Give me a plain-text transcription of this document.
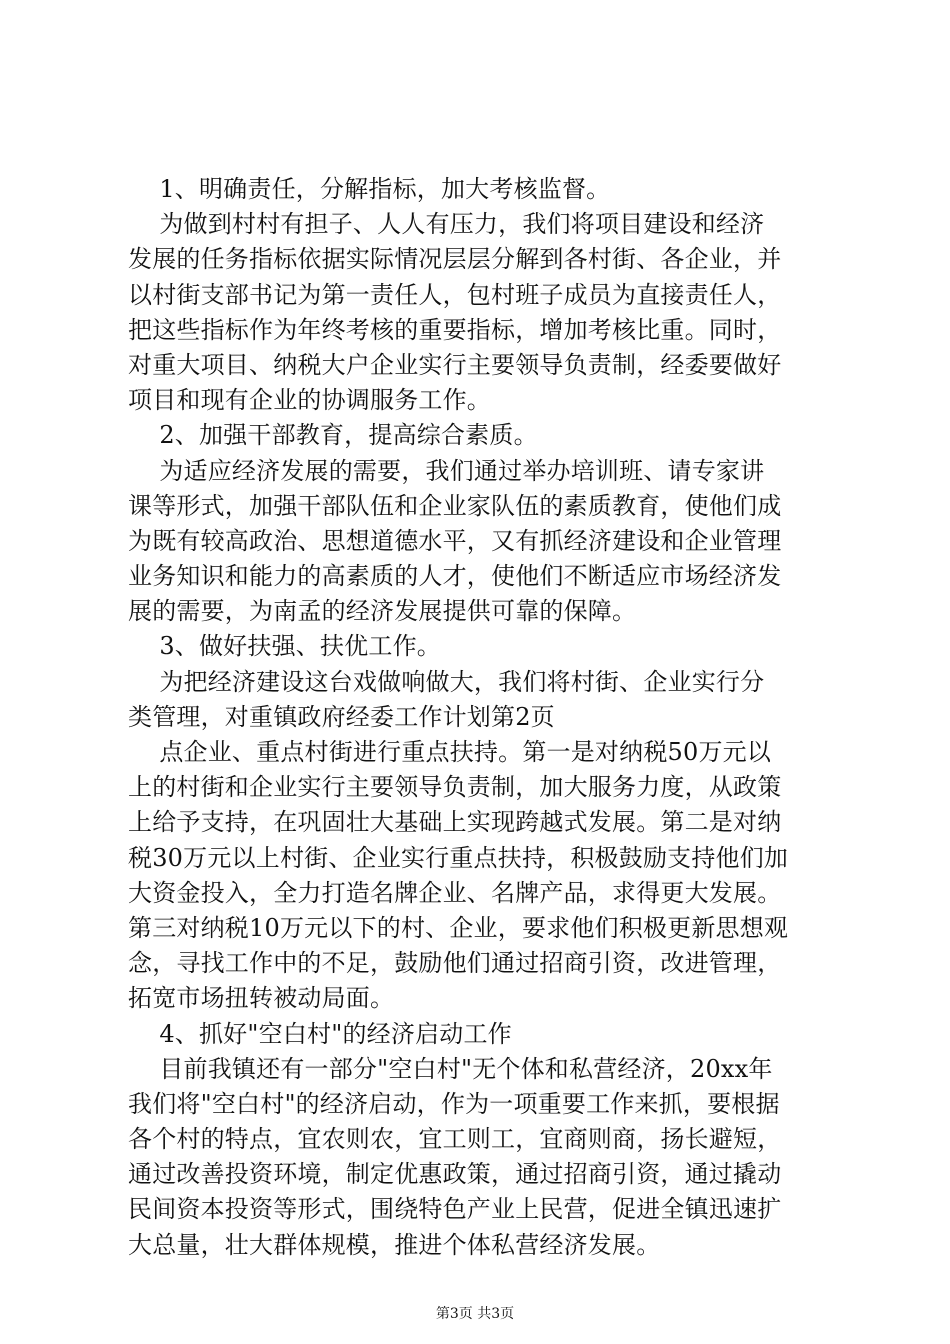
1、明确责任，分解指标，加大考核监督。
为做到村村有担子、人人有压力，我们将项目建设和经济
发展的任务指标依据实际情况层层分解到各村街、各企业，并
以村街支部书记为第一责任人，包村班子成员为直接责任人，
把这些指标作为年终考核的重要指标，增加考核比重。同时，
对重大项目、纳税大户企业实行主要领导负责制，经委要做好
项目和现有企业的协调服务工作。
2、加强干部教育，提高综合素质。
为适应经济发展的需要，我们通过举办培训班、请专家讲
课等形式，加强干部队伍和企业家队伍的素质教育，使他们成
为既有较高政治、思想道德水平，又有抓经济建设和企业管理
业务知识和能力的高素质的人才，使他们不断适应市场经济发
展的需要，为南孟的经济发展提供可靠的保障。
3、做好扶强、扶优工作。
为把经济建设这台戏做响做大，我们将村街、企业实行分
类管理，对重镇政府经委工作计划第2页
点企业、重点村街进行重点扶持。第一是对纳税50万元以
上的村街和企业实行主要领导负责制，加大服务力度，从政策
上给予支持，在巩固壮大基础上实现跨越式发展。第二是对纳
税30万元以上村街、企业实行重点扶持，积极鼓励支持他们加
大资金投入，全力打造名牌企业、名牌产品，求得更大发展。
第三对纳税10万元以下的村、企业，要求他们积极更新思想观
念，寻找工作中的不足，鼓励他们通过招商引资，改进管理，
拓宽市场扭转被动局面。
4、抓好"空白村"的经济启动工作
目前我镇还有一部分"空白村"无个体和私营经济，20xx年
我们将"空白村"的经济启动，作为一项重要工作来抓，要根据
各个村的特点，宜农则农，宜工则工，宜商则商，扬长避短，
通过改善投资环境，制定优惠政策，通过招商引资，通过撬动
民间资本投资等形式，围绕特色产业上民营，促进全镇迅速扩
大总量，壮大群体规模，推进个体私营经济发展。
第3页 共3页
